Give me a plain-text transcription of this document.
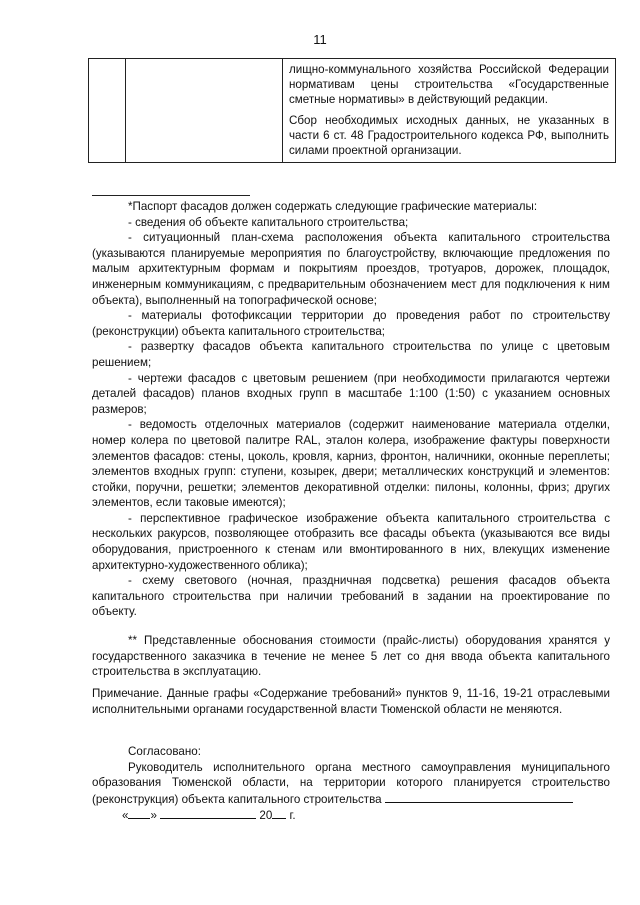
11

лищно-коммунального хозяйства Российской Федерации нормативам цены строительства «Государственные сметные нормативы» в действующий редакции.

Сбор необходимых исходных данных, не указанных в части 6 ст. 48 Градостроительного кодекса РФ, выполнить силами проектной организации.

*Паспорт фасадов должен содержать следующие графические материалы:

- сведения об объекте капитального строительства;

- ситуационный план-схема расположения объекта капитального строительства (указываются планируемые мероприятия по благоустройству, включающие предложения по малым архитектурным формам и покрытиям проездов, тротуаров, дорожек, площадок, инженерным коммуникациям, с предварительным обозначением мест для подключения к ним объекта), выполненный на топографической основе;

- материалы фотофиксации территории до проведения работ по строительству (реконструкции) объекта капитального строительства;

- развертку фасадов объекта капитального строительства по улице с цветовым решением;

- чертежи фасадов с цветовым решением (при необходимости прилагаются чертежи деталей фасадов) планов входных групп в масштабе 1:100 (1:50) с указанием основных размеров;

- ведомость отделочных материалов (содержит наименование материала отделки, номер колера по цветовой палитре RAL, эталон колера, изображение фактуры поверхности элементов фасадов: стены, цоколь, кровля, карниз, фронтон, наличники, оконные переплеты; элементов входных групп: ступени, козырек, двери; металлических конструкций и элементов: стойки, поручни, решетки; элементов декоративной отделки: пилоны, колонны, фриз; других элементов, если таковые имеются);

- перспективное графическое изображение объекта капитального строительства с нескольких ракурсов, позволяющее отобразить все фасады объекта (указываются все виды оборудования, пристроенного к стенам или вмонтированного в них, влекущих изменение архитектурно-художественного облика);

- схему светового (ночная, праздничная подсветка) решения фасадов объекта капитального строительства при наличии требований в задании на проектирование по объекту.

** Представленные обоснования стоимости (прайс-листы) оборудования хранятся у государственного заказчика в течение не менее 5 лет со дня ввода объекта капитального строительства в эксплуатацию.

Примечание. Данные графы «Содержание требований» пунктов 9, 11-16, 19-21 отраслевыми исполнительными органами государственной власти Тюменской области не меняются.

Согласовано:

Руководитель исполнительного органа местного самоуправления муниципального образования Тюменской области, на территории которого планируется строительство (реконструкция) объекта капитального строительства

« »	20 г.
